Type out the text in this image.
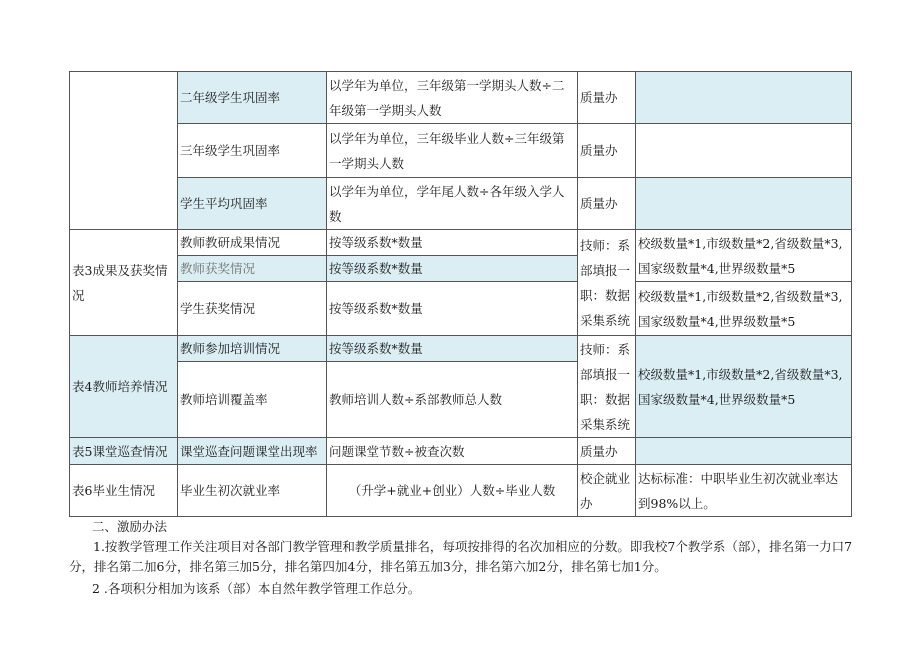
	二年级学生巩固率	以学年为单位，三年级第一学期头人数÷二年级第一学期头人数	质量办	
	三年级学生巩固率	以学年为单位，三年级毕业人数÷三年级第一学期头人数	质量办	
	学生平均巩固率	以学年为单位，学年尾人数÷各年级入学人数	质量办	
表3成果及获奖情况	教师教研成果情况	按等级系数*数量	技师：系部填报一职：数据采集系统	校级数量*1,市级数量*2,省级数量*3,国家级数量*4,世界级数量*5
	教师获奖情况	按等级系数*数量		
	学生获奖情况	按等级系数*数量		校级数量*1,市级数量*2,省级数量*3,国家级数量*4,世界级数量*5
表4教师培养情况	教师参加培训情况	按等级系数*数量	技师：系部填报一职：数据采集系统	校级数量*1,市级数量*2,省级数量*3,国家级数量*4,世界级数量*5
	教师培训覆盖率	教师培训人数÷系部教师总人数		
表5课堂巡查情况	课堂巡查问题课堂出现率	问题课堂节数÷被查次数	质量办	
表6毕业生情况	毕业生初次就业率	（升学+就业+创业）人数÷毕业人数	校企就业办	达标标准：中职毕业生初次就业率达到98%以上。

二、激励办法

1.按教学管理工作关注项目对各部门教学管理和教学质量排名，每项按排得的名次加相应的分数。即我校7个教学系（部），排名第一力口7分，排名第二加6分，排名第三加5分，排名第四加4分，排名第五加3分，排名第六加2分，排名第七加1分。

2 .各项积分相加为该系（部）本自然年教学管理工作总分。
